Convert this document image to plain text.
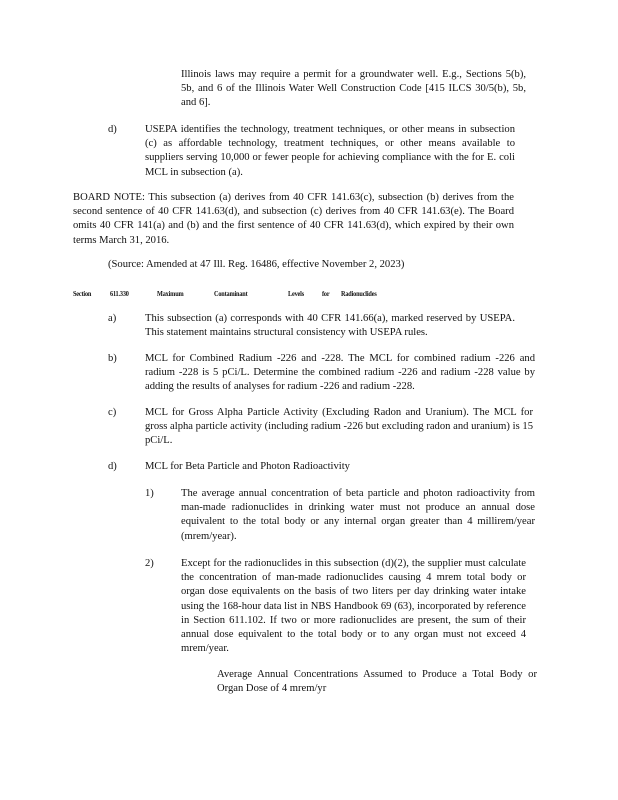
Illinois laws may require a permit for a groundwater well. E.g., Sections 5(b), 5b, and 6 of the Illinois Water Well Construction Code [415 ILCS 30/5(b), 5b, and 6].

d)	USEPA identifies the technology, treatment techniques, or other means in subsection (c) as affordable technology, treatment techniques, or other means available to suppliers serving 10,000 or fewer people for achieving compliance with the for E. coli MCL in subsection (a).

BOARD NOTE: This subsection (a) derives from 40 CFR 141.63(c), subsection (b) derives from the second sentence of 40 CFR 141.63(d), and subsection (c) derives from 40 CFR 141.63(e). The Board omits 40 CFR 141(a) and (b) and the first sentence of 40 CFR 141.63(d), which expired by their own terms March 31, 2016.

(Source: Amended at 47 Ill. Reg. 16486, effective November 2, 2023)

Section 611.330	Maximum	Contaminant	Levels for Radionuclides
a)	This subsection (a) corresponds with 40 CFR 141.66(a), marked reserved by USEPA. This statement maintains structural consistency with USEPA rules.

b)	MCL for Combined Radium -226 and -228. The MCL for combined radium -226 and radium -228 is 5 pCi/L. Determine the combined radium -226 and radium -228 value by adding the results of analyses for radium -226 and radium -228.

c)	MCL for Gross Alpha Particle Activity (Excluding Radon and Uranium). The MCL for gross alpha particle activity (including radium -226 but excluding radon and uranium) is 15 pCi/L.

d)	MCL for Beta Particle and Photon Radioactivity

1)	The average annual concentration of beta particle and photon radioactivity from man-made radionuclides in drinking water must not produce an annual dose equivalent to the total body or any internal organ greater than 4 millirem/year (mrem/year).

2)	Except for the radionuclides in this subsection (d)(2), the supplier must calculate the concentration of man-made radionuclides causing 4 mrem total body or organ dose equivalents on the basis of two liters per day drinking water intake using the 168-hour data list in NBS Handbook 69 (63), incorporated by reference in Section 611.102. If two or more radionuclides are present, the sum of their annual dose equivalent to the total body or to any organ must not exceed 4 mrem/year.

Average Annual Concentrations Assumed to Produce a Total Body or Organ Dose of 4 mrem/yr
